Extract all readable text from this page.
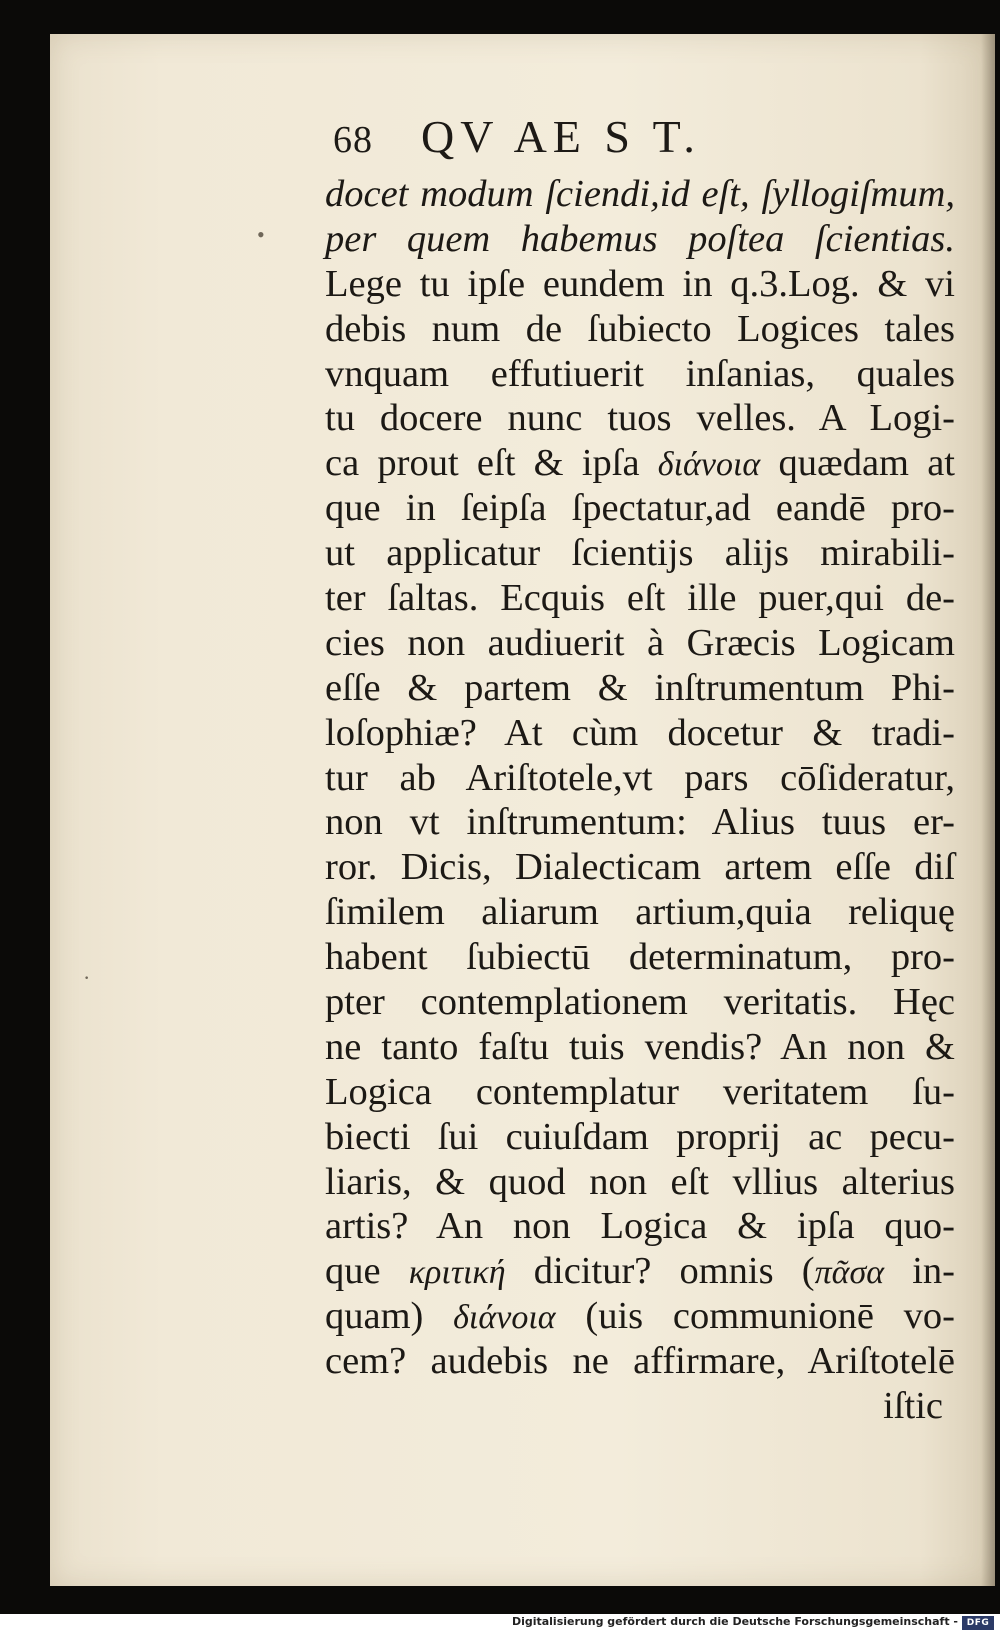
68 QV AE S T.
docet modum ſciendi,id eſt, ſyllogiſmum,
per quem habemus poſtea ſcientias.
Lege tu ipſe eundem in q.3.Log. & vi
debis num de ſubiecto Logices tales
vnquam effutiuerit inſanias, quales
tu docere nunc tuos velles. A Logi-
ca prout eſt & ipſa διάνοια quædam at
que in ſeipſa ſpectatur,ad eandē pro-
ut applicatur ſcientijs alijs mirabili-
ter ſaltas. Ecquis eſt ille puer,qui de-
cies non audiuerit à Græcis Logicam
eſſe & partem & inſtrumentum Phi-
loſophiæ? At cùm docetur & tradi-
tur ab Ariſtotele,vt pars cōſideratur,
non vt inſtrumentum: Alius tuus er-
ror. Dicis, Dialecticam artem eſſe diſ
ſimilem aliarum artium,quia reliquę
habent ſubiectū determinatum, pro-
pter contemplationem veritatis. Hęc
ne tanto faſtu tuis vendis? An non &
Logica contemplatur veritatem ſu-
biecti ſui cuiuſdam proprij ac pecu-
liaris, & quod non eſt vllius alterius
artis? An non Logica & ipſa quo-
que κριτική dicitur? omnis (πᾶσα in-
quam) διάνοια (uis communionē vo-
cem? audebis ne affirmare, Ariſtotelē
iſtic
•
·
Digitalisierung gefördert durch die Deutsche Forschungsgemeinschaft - DFG
